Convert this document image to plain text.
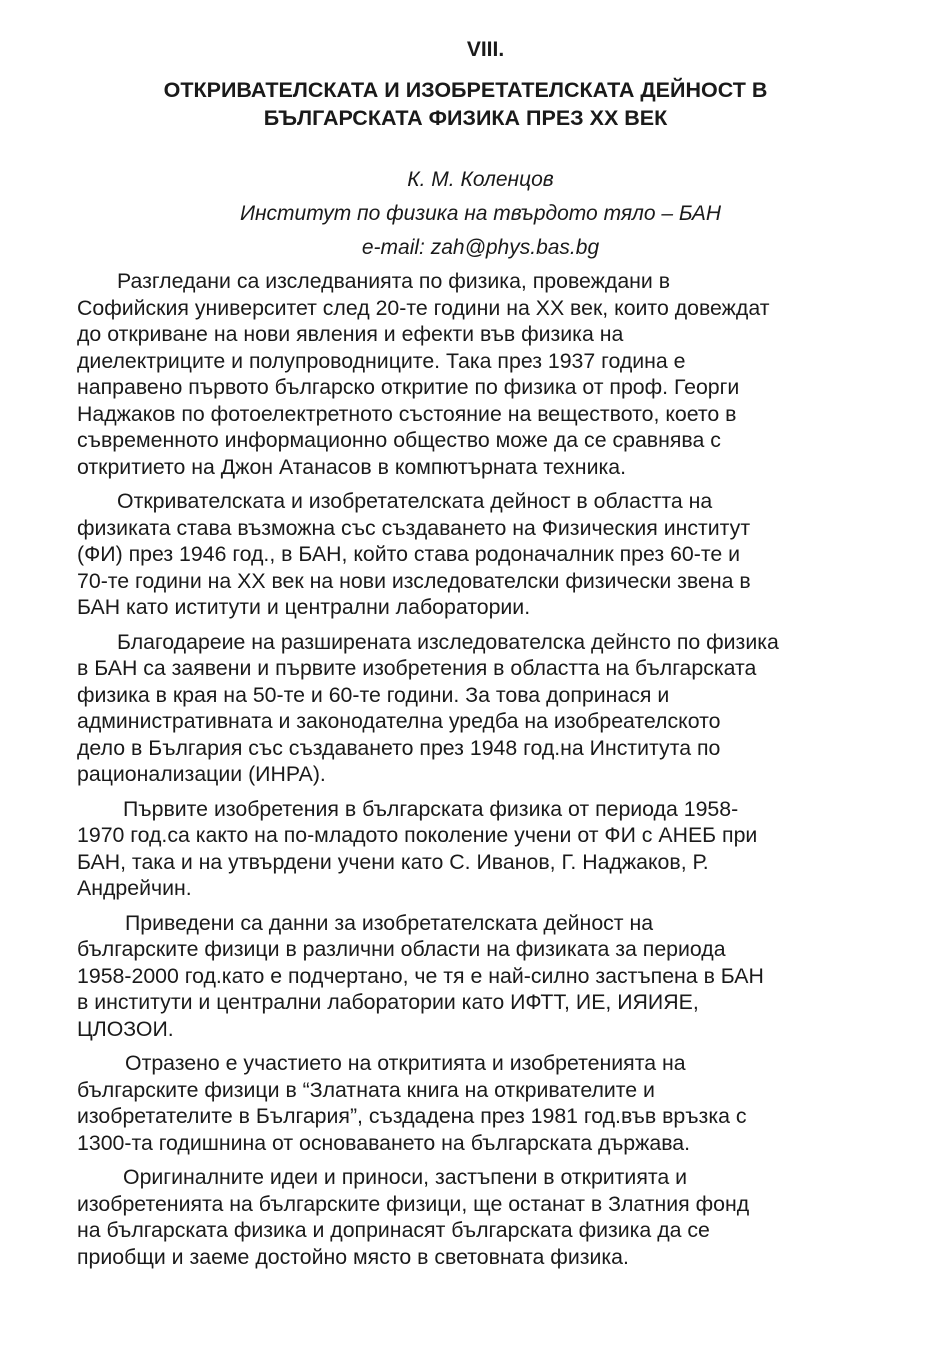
VIII.
ОТКРИВАТЕЛСКАТА И ИЗОБРЕТАТЕЛСКАТА ДЕЙНОСТ В
БЪЛГАРСКАТА ФИЗИКА ПРЕЗ ХХ ВЕК
К. М. Коленцов
Институт по физика на твърдото тяло – БАН
e-mail: zah@phys.bas.bg

Разгледани са изследванията по физика, провеждани в
Софийския университет след 20-те години на ХХ век, които довеждат
до откриване на нови явления и ефекти във физика на
диелектриците и полупроводниците. Така през 1937 година е
направено първото българско откритие по физика от проф. Георги
Наджаков по фотоелектретното състояние на веществото, което в
съвременното информационно общество може да се сравнява с
откритието на Джон Атанасов в компютърната техника.

Откривателската и изобретателската дейност в областта на
физиката става възможна със създаването на Физическия институт
(ФИ) през 1946 год., в БАН, който става родоначалник през 60-те и
70-те години на ХХ век на нови изследователски физически звена в
БАН като иститути и централни лаборатории.

Благодареие на разширената изследователска дейнсто по физика
в БАН са заявени и първите изобретения в областта на българската
физика в края на 50-те и 60-те години. За това допринася и
административната и законодателна уредба на изобреателското
дело в България със създаването през 1948 год.на Института по
рационализации (ИНРА).

Първите изобретения в българската физика от периода 1958-
1970 год.са както на по-младото поколение учени от ФИ с АНЕБ при
БАН, така и на утвърдени учени като С. Иванов, Г. Наджаков, Р.
Андрейчин.

Приведени са данни за изобретателската дейност на
българските физици в различни области на физиката за периода
1958-2000 год.като е подчертано, че тя е най-силно застъпена в БАН
в институти и централни лаборатории като ИФТТ, ИЕ, ИЯИЯЕ,
ЦЛОЗОИ.

Отразено е участието на откритията и изобретенията на
българските физици в “Златната книга на откривателите и
изобретателите в България”, създадена през 1981 год.във връзка с
1300-та годишнина от основаването на българската държава.

Оригиналните идеи и приноси, застъпени в откритията и
изобретенията на българските физици, ще останат в Златния фонд
на българската физика и допринасят българската физика да се
приобщи и заеме достойно място в световната физика.
